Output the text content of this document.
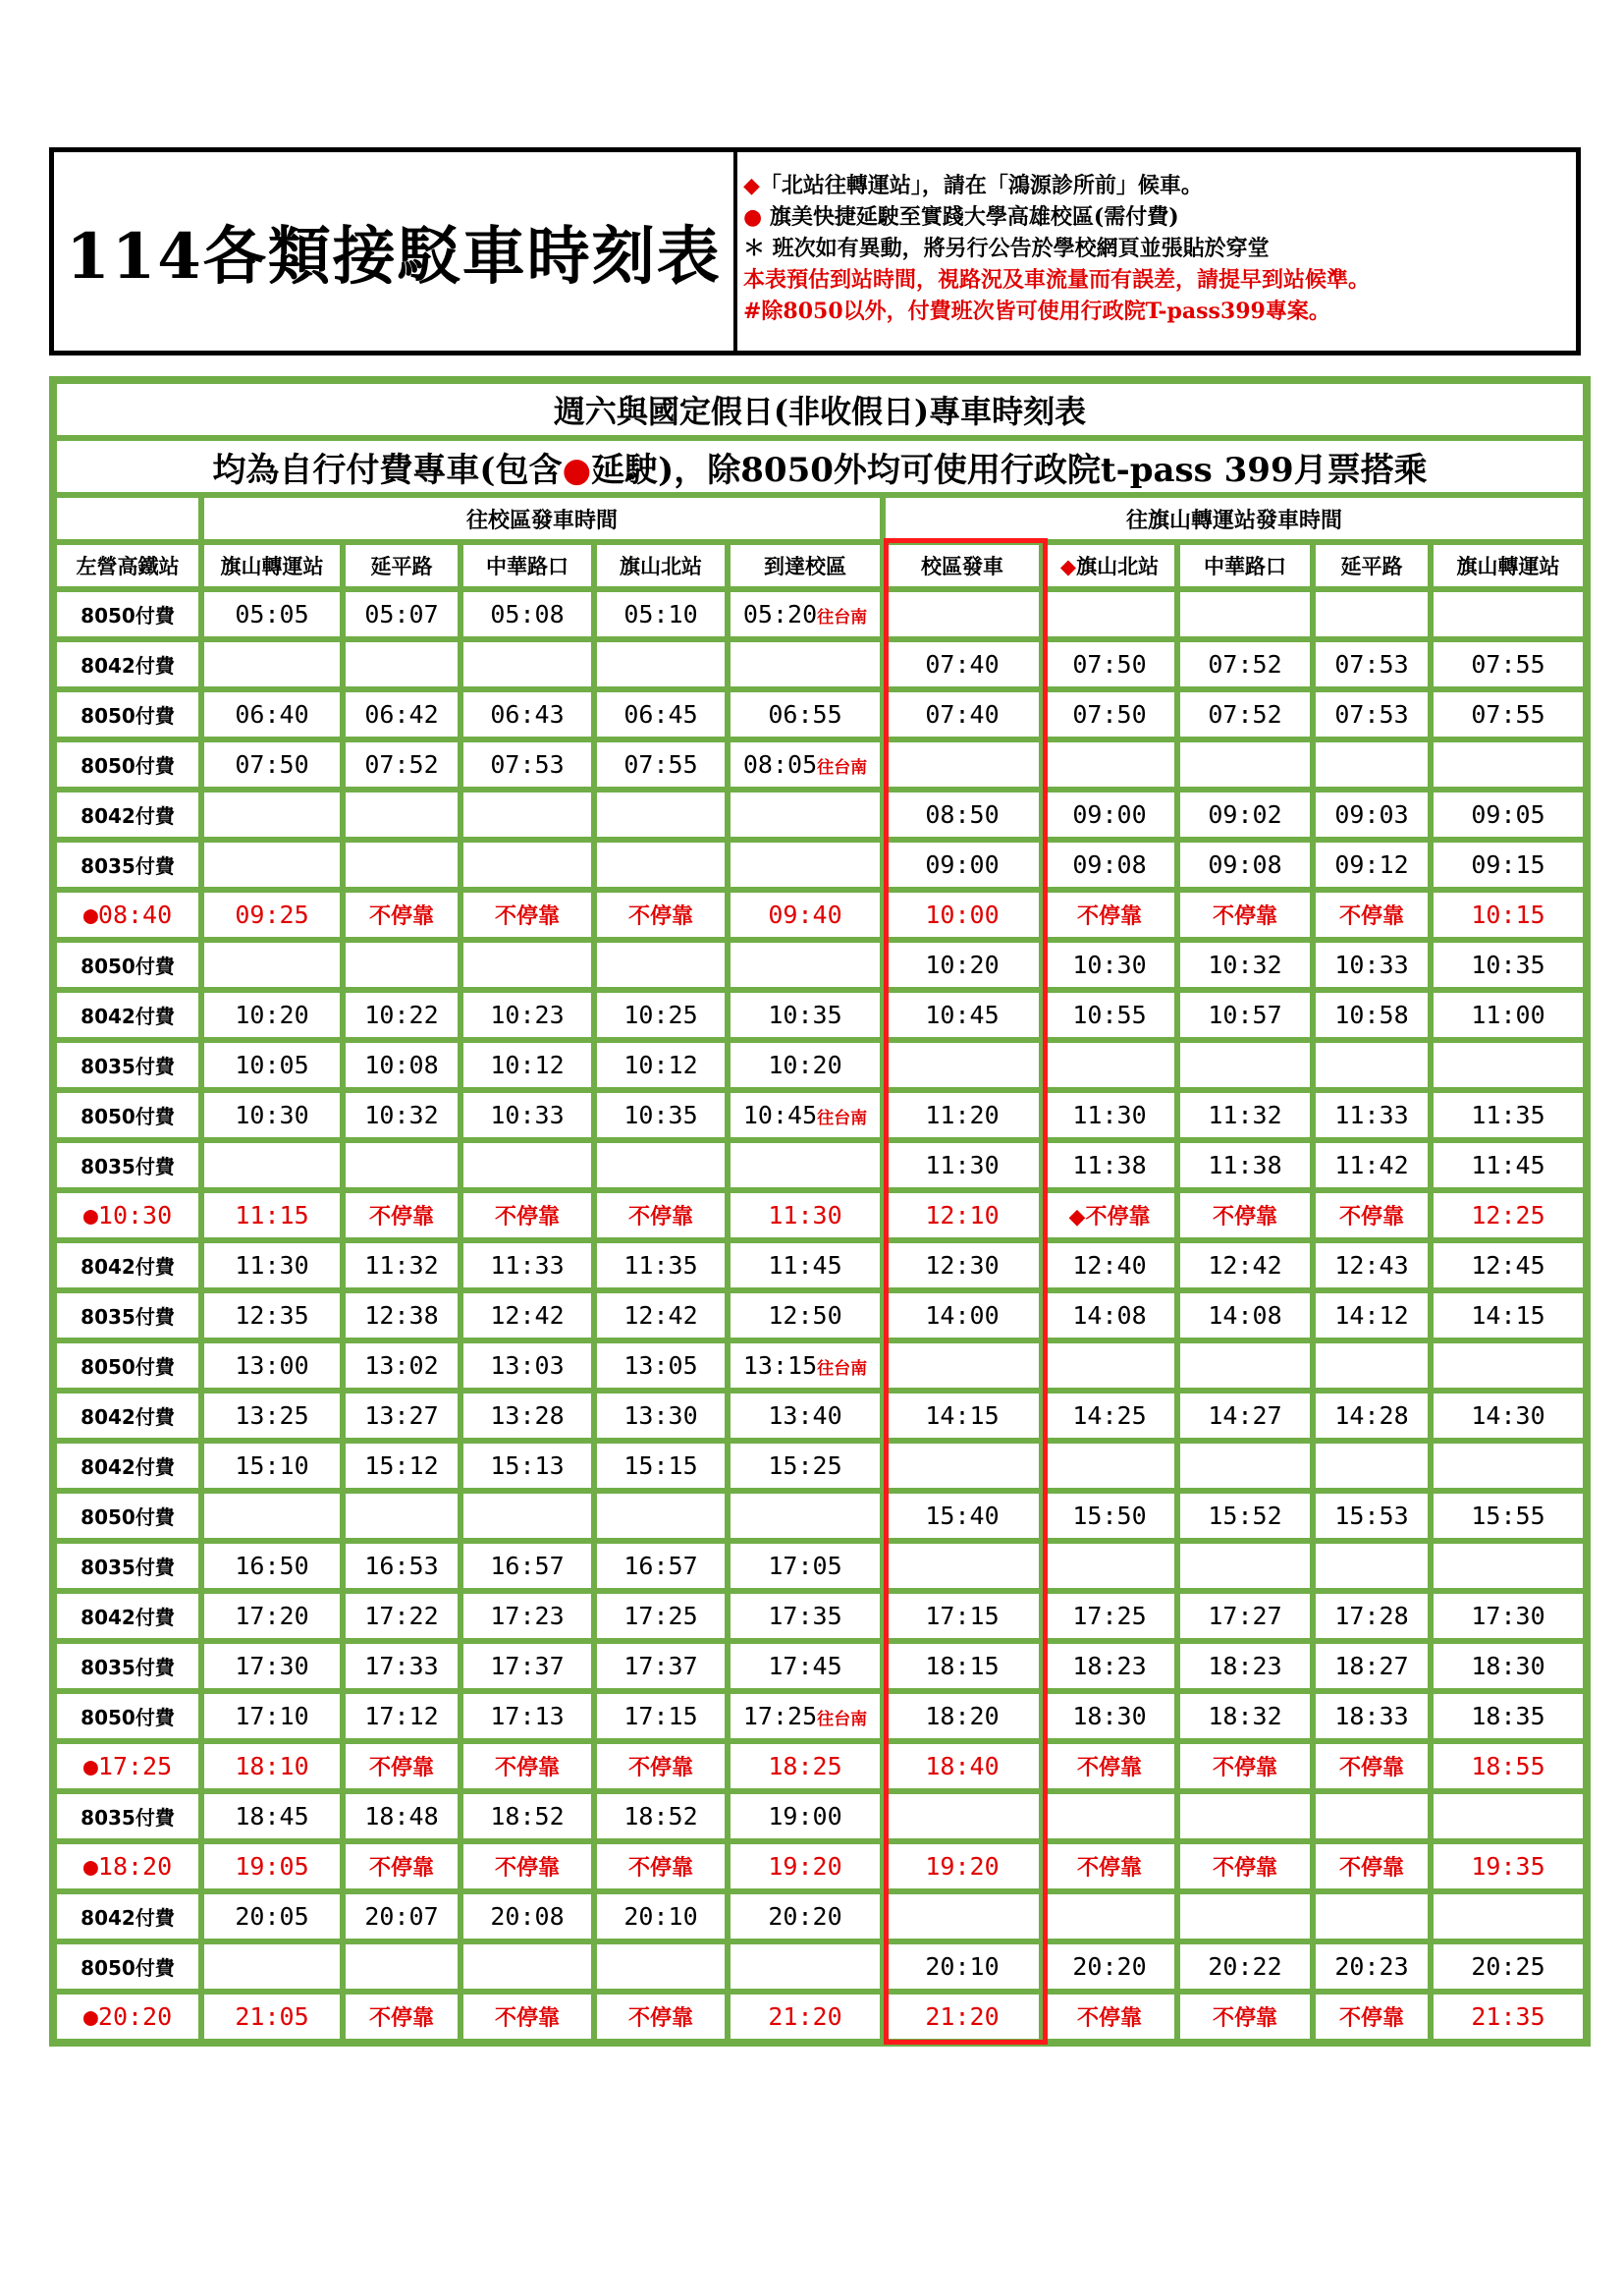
114各類接駁車時刻表
◆「北站往轉運站」，請在「鴻源診所前」候車。
● 旗美快捷延駛至實踐大學高雄校區(需付費)
＊ 班次如有異動，將另行公告於學校網頁並張貼於穿堂
本表預估到站時間，視路況及車流量而有誤差，請提早到站候準。
#除8050以外，付費班次皆可使用行政院T-pass399專案。
週六與國定假日(非收假日)專車時刻表										
均為自行付費專車(包含●延駛)，除8050外均可使用行政院t-pass 399月票搭乘										
	往校區發車時間					往旗山轉運站發車時間				
左營高鐵站	旗山轉運站	延平路	中華路口	旗山北站	到達校區	校區發車	◆旗山北站	中華路口	延平路	旗山轉運站
8050付費	05:05	05:07	05:08	05:10	05:20往台南					
8042付費						07:40	07:50	07:52	07:53	07:55
8050付費	06:40	06:42	06:43	06:45	06:55	07:40	07:50	07:52	07:53	07:55
8050付費	07:50	07:52	07:53	07:55	08:05往台南					
8042付費						08:50	09:00	09:02	09:03	09:05
8035付費						09:00	09:08	09:08	09:12	09:15
●08:40	09:25	不停靠	不停靠	不停靠	09:40	10:00	不停靠	不停靠	不停靠	10:15
8050付費						10:20	10:30	10:32	10:33	10:35
8042付費	10:20	10:22	10:23	10:25	10:35	10:45	10:55	10:57	10:58	11:00
8035付費	10:05	10:08	10:12	10:12	10:20					
8050付費	10:30	10:32	10:33	10:35	10:45往台南	11:20	11:30	11:32	11:33	11:35
8035付費						11:30	11:38	11:38	11:42	11:45
●10:30	11:15	不停靠	不停靠	不停靠	11:30	12:10	◆不停靠	不停靠	不停靠	12:25
8042付費	11:30	11:32	11:33	11:35	11:45	12:30	12:40	12:42	12:43	12:45
8035付費	12:35	12:38	12:42	12:42	12:50	14:00	14:08	14:08	14:12	14:15
8050付費	13:00	13:02	13:03	13:05	13:15往台南					
8042付費	13:25	13:27	13:28	13:30	13:40	14:15	14:25	14:27	14:28	14:30
8042付費	15:10	15:12	15:13	15:15	15:25					
8050付費						15:40	15:50	15:52	15:53	15:55
8035付費	16:50	16:53	16:57	16:57	17:05					
8042付費	17:20	17:22	17:23	17:25	17:35	17:15	17:25	17:27	17:28	17:30
8035付費	17:30	17:33	17:37	17:37	17:45	18:15	18:23	18:23	18:27	18:30
8050付費	17:10	17:12	17:13	17:15	17:25往台南	18:20	18:30	18:32	18:33	18:35
●17:25	18:10	不停靠	不停靠	不停靠	18:25	18:40	不停靠	不停靠	不停靠	18:55
8035付費	18:45	18:48	18:52	18:52	19:00					
●18:20	19:05	不停靠	不停靠	不停靠	19:20	19:20	不停靠	不停靠	不停靠	19:35
8042付費	20:05	20:07	20:08	20:10	20:20					
8050付費						20:10	20:20	20:22	20:23	20:25
●20:20	21:05	不停靠	不停靠	不停靠	21:20	21:20	不停靠	不停靠	不停靠	21:35
